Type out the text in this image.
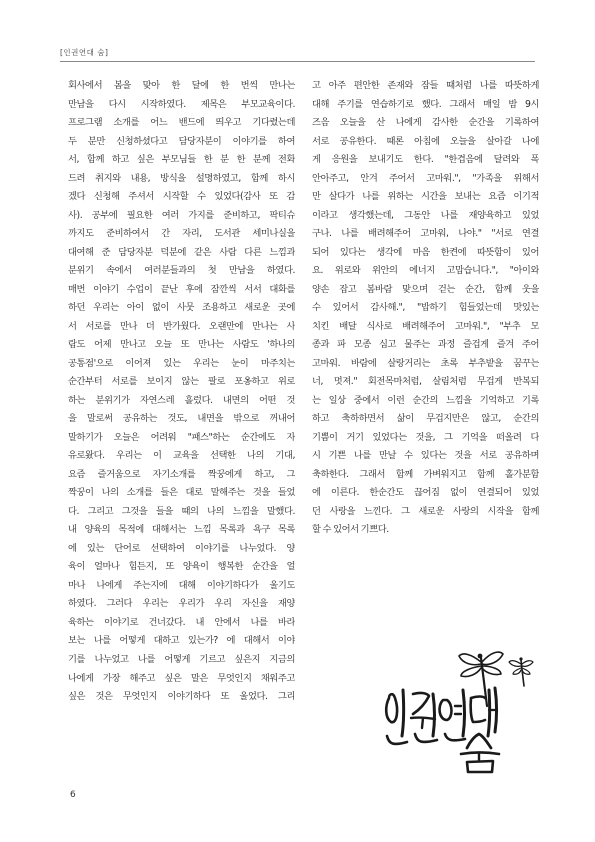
[인권연대 숨]
회사에서 봄을 맞아 한 달에 한 번씩 만나는
만남을 다시 시작하였다. 제목은 부모교육이다.
프로그램 소개를 어느 밴드에 띄우고 기다렸는데
두 분만 신청하셨다고 담당자분이 이야기를 하여
서, 함께 하고 싶은 부모님들 한 분 한 분께 전화
드려 취지와 내용, 방식을 설명하였고, 함께 하시
겠다 신청해 주셔서 시작할 수 있었다(감사 또 감
사). 공부에 필요한 여러 가지를 준비하고, 팍티슈
까지도 준비하여서 간 자리, 도서관 세미나실을
대여해 준 담당자분 덕분에 같은 사람 다른 느낌과
분위기 속에서 여러분들과의 첫 만남을 하였다.
매번 이야기 수업이 끝난 후에 잠깐씩 서서 대화를
하던 우리는 아이 없이 사뭇 조용하고 새로운 곳에
서 서로를 만나 더 반가웠다. 오랜만에 만나는 사
람도 어제 만나고 오늘 또 만나는 사람도 '하나의
공통점'으로 이어져 있는 우리는 눈이 마주치는
순간부터 서로를 보이지 않는 팔로 포옹하고 위로
하는 분위기가 자연스레 흘렀다. 내면의 어떤 것
을 말로써 공유하는 것도, 내면을 밖으로 꺼내어
말하기가 오늘은 어려워 "패스"하는 순간에도 자
유로왔다. 우리는 이 교육을 선택한 나의 기대,
요즘 즐거움으로 자기소개를 짝꿍에게 하고, 그
짝꿍이 나의 소개를 들은 대로 말해주는 것을 들었
다. 그리고 그것을 들을 때의 나의 느낌을 말했다.
내 양육의 목적에 대해서는 느낌 목록과 욕구 목록
에 있는 단어로 선택하여 이야기를 나누었다. 양
육이 얼마나 힘든지, 또 양육이 행복한 순간을 얼
마나 나에게 주는지에 대해 이야기하다가 울기도
하였다. 그러다 우리는 우리가 우리 자신을 재양
육하는 이야기로 건너갔다. 내 안에서 나를 바라
보는 나를 어떻게 대하고 있는가? 에 대해서 이야
기를 나누었고 나를 어떻게 기르고 싶은지 지금의
나에게 가장 해주고 싶은 말은 무엇인지 채워주고
싶은 것은 무엇인지 이야기하다 또 울었다. 그리
고 아주 편안한 존재와 잠들 때처럼 나를 따뜻하게
대해 주기를 연습하기로 했다. 그래서 매일 밤 9시
즈음 오늘을 산 나에게 감사한 순간을 기록하여
서로 공유한다. 때론 아침에 오늘을 살아갈 나에
게 응원을 보내기도 한다. "한겹음에 달려와 폭
안아주고, 안겨 주어서 고마워.", "가족을 위해서
만 살다가 나를 위하는 시간을 보내는 요즘 이기적
이라고 생각했는데, 그동안 나를 재양육하고 있었
구나. 나를 배려해주어 고마워, 나야." "서로 연결
되어 있다는 생각에 마음 한켠에 따뜻함이 있어
요. 위로와 위안의 에너지 고맙습니다.", "아이와
양손 잡고 봄바람 맞으며 걷는 순간, 함께 웃을
수 있어서 감사해.", "밥하기 힘들었는데 맛있는
치킨 배달 식사로 배려해주어 고마워.", "부추 모
종과 파 모종 심고 물주는 과정 즐겁게 즐겨 주어
고마워. 바람에 살랑거리는 초록 부추밭을 꿈꾸는
너, 멋져." 회전목마처럼, 살림처럼 무겁게 반복되
는 일상 중에서 이런 순간의 느낌을 기억하고 기록
하고 축하하면서 삶이 무겁지만은 않고, 순간의
기쁨이 거기 있었다는 것을, 그 기억을 떠올려 다
시 기쁜 나를 만날 수 있다는 것을 서로 공유하며
축하한다. 그래서 함께 가벼워지고 함께 홀가분함
에 이른다. 한순간도 끊어짐 없이 연결되어 있었
던 사랑을 느낀다. 그 새로운 사랑의 시작을 함께
할 수 있어서 기쁘다.
6
